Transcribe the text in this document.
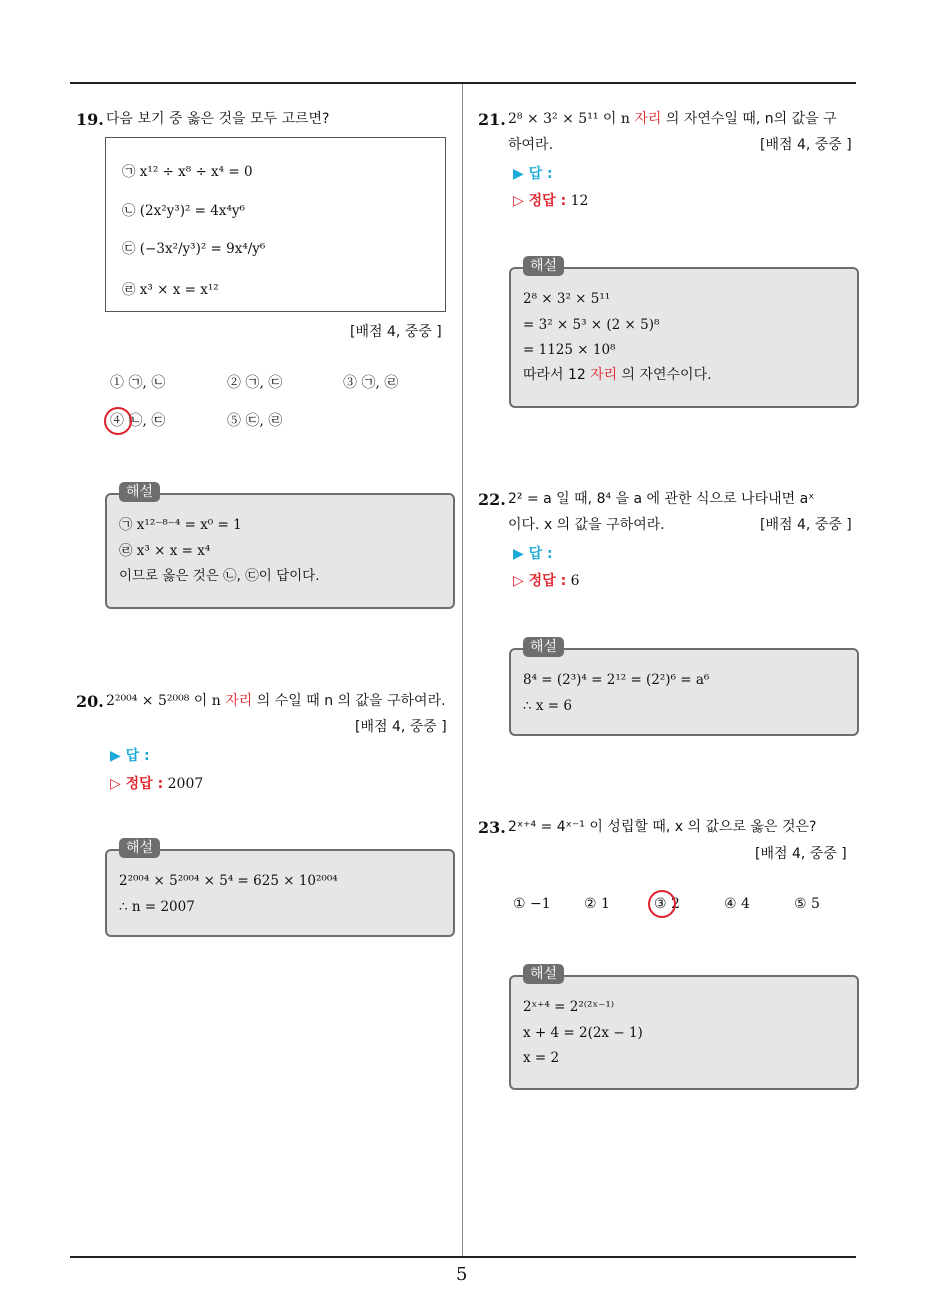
5
19. 다음 보기 중 옳은 것을 모두 고르면?
㉠ x¹² ÷ x⁸ ÷ x⁴ = 0
㉡ (2x²y³)² = 4x⁴y⁶
㉢ (−3x²/y³)² = 9x⁴/y⁶
㉣ x³ × x = x¹²
[배점 4, 중중 ]
① ㉠, ㉡	② ㉠, ㉢	③ ㉠, ㉣
④ ㉡, ㉢	⑤ ㉢, ㉣
㉠ x¹²⁻⁸⁻⁴ = x⁰ = 1
㉣ x³ × x = x⁴
이므로 옳은 것은 ㉡, ㉢이 답이다.
해설
20. 2²⁰⁰⁴ × 5²⁰⁰⁸ 이 n 자리 의 수일 때 n 의 값을 구하여라.
[배점 4, 중중 ]
▶ 답 :
▷ 정답 : 2007
2²⁰⁰⁴ × 5²⁰⁰⁴ × 5⁴ = 625 × 10²⁰⁰⁴
∴ n = 2007
해설
21. 2⁸ × 3² × 5¹¹ 이 n 자리 의 자연수일 때, n의 값을 구
하여라.	[배점 4, 중중 ]
▶ 답 :
▷ 정답 : 12
2⁸ × 3² × 5¹¹
= 3² × 5³ × (2 × 5)⁸
= 1125 × 10⁸
따라서 12 자리 의 자연수이다.
해설
22. 2² = a 일 때, 8⁴ 을 a 에 관한 식으로 나타내면 aˣ
이다. x 의 값을 구하여라.	[배점 4, 중중 ]
▶ 답 :
▷ 정답 : 6
8⁴ = (2³)⁴ = 2¹² = (2²)⁶ = a⁶
∴ x = 6
해설
23. 2ˣ⁺⁴ = 4ˣ⁻¹ 이 성립할 때, x 의 값으로 옳은 것은?
[배점 4, 중중 ]
① −1 ② 1	③ 2	④ 4	⑤ 5
2ˣ⁺⁴ = 2²⁽²ˣ⁻¹⁾
x + 4 = 2(2x − 1)
x = 2
해설
